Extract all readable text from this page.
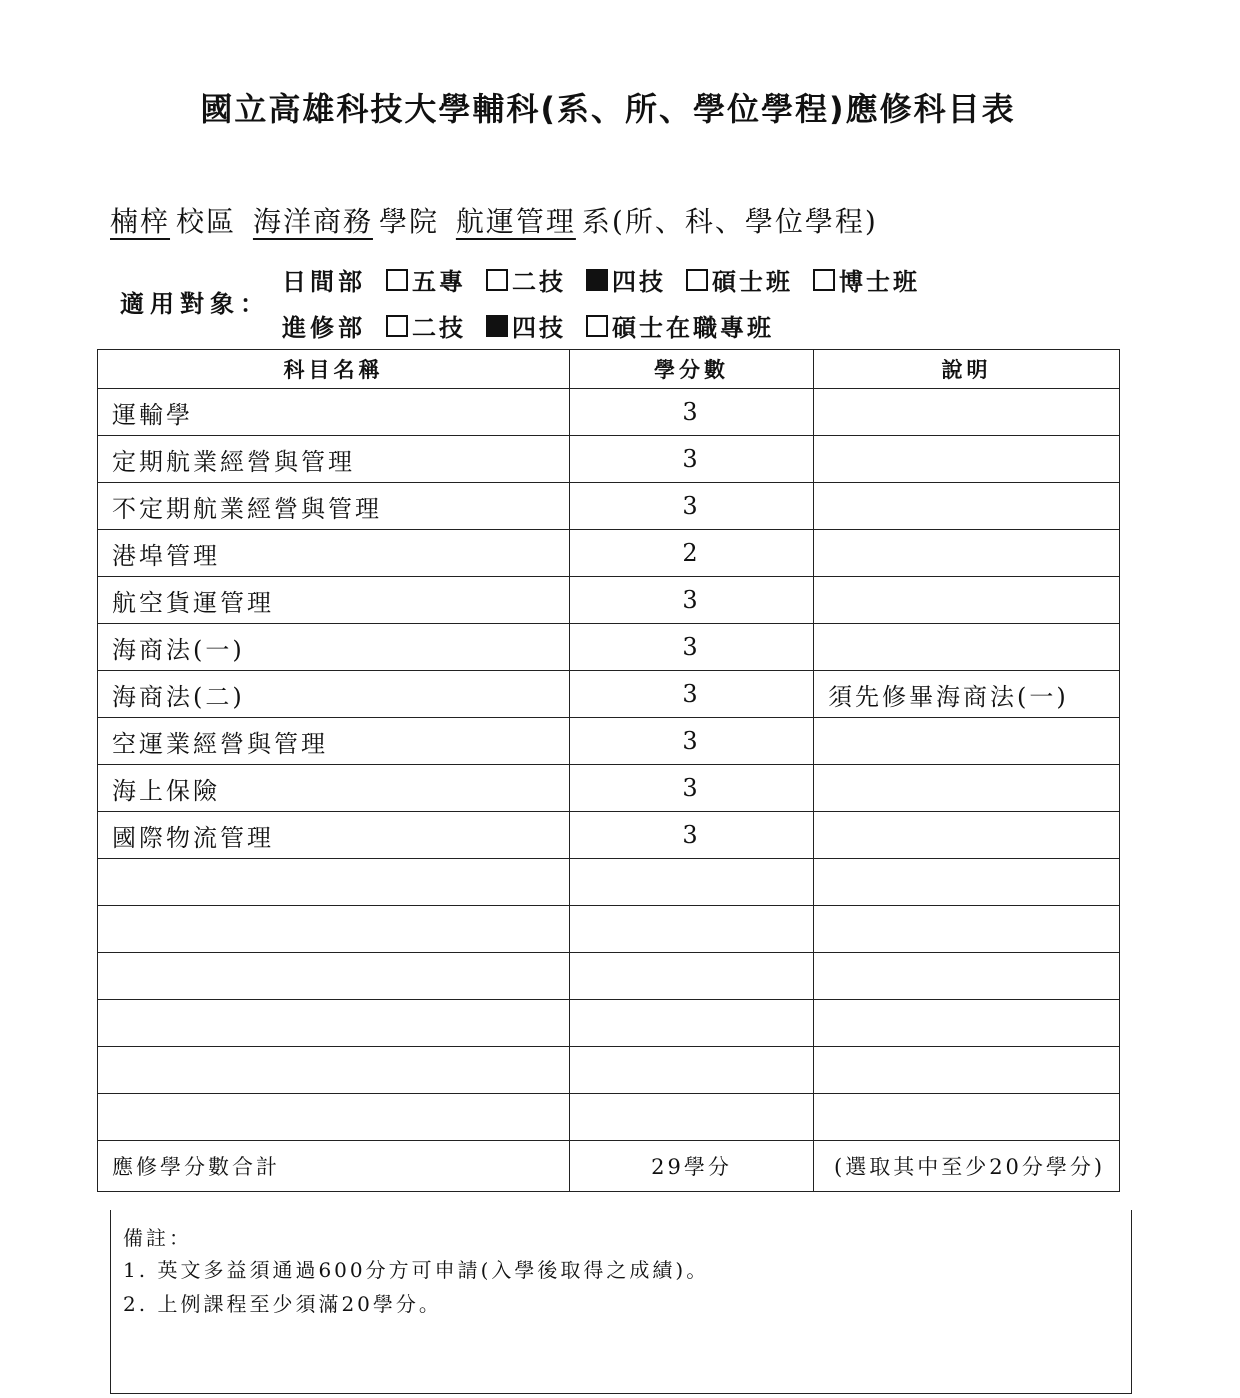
國立高雄科技大學輔科(系、所、學位學程)應修科目表
楠梓 校區 海洋商務 學院 航運管理 系(所、科、學位學程)
適用對象：
日間部 五專 二技 四技 碩士班 博士班
進修部 二技 四技 碩士在職專班
科目名稱	學分數	說明
運輸學	3	
定期航業經營與管理	3	
不定期航業經營與管理	3	
港埠管理	2	
航空貨運管理	3	
海商法(一)	3	
海商法(二)	3	須先修畢海商法(一)
空運業經營與管理	3	
海上保險	3	
國際物流管理	3	

應修學分數合計	29學分	(選取其中至少20分學分)
備註：
1. 英文多益須通過600分方可申請(入學後取得之成績)。
2. 上例課程至少須滿20學分。
